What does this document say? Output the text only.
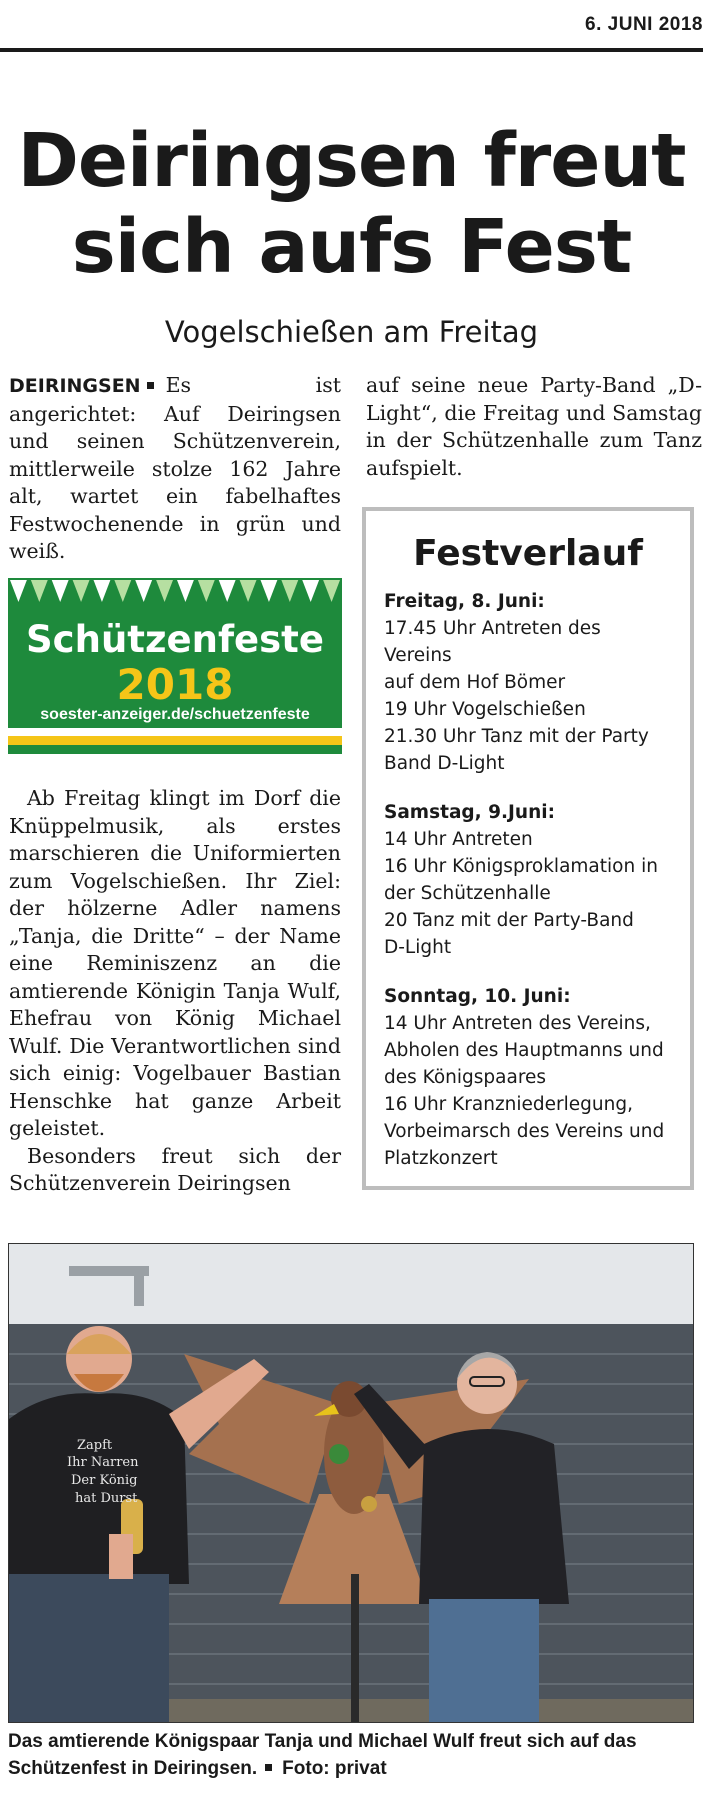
6. JUNI 2018
Deiringsen freut
sich aufs Fest
Vogelschießen am Freitag
DEIRINGSEN Es ist angerichtet: Auf Deiringsen und seinen Schützenverein, mittlerweile stolze 162 Jahre alt, wartet ein fabelhaftes Festwochenende in grün und weiß.
Schützenfeste
2018
soester-anzeiger.de/schuetzenfeste

Ab Freitag klingt im Dorf die Knüppelmusik, als erstes marschieren die Uniformierten zum Vogelschießen. Ihr Ziel: der hölzerne Adler namens „Tanja, die Dritte“ – der Name eine Reminiszenz an die amtierende Königin Tanja Wulf, Ehefrau von König Michael Wulf. Die Verantwortlichen sind sich einig: Vogelbauer Bastian Henschke hat ganze Arbeit geleistet.

Besonders freut sich der Schützenverein Deiringsen

auf seine neue Party-Band „D-Light“, die Freitag und Samstag in der Schützenhalle zum Tanz aufspielt.
Festverlauf
Freitag, 8. Juni:
17.45 Uhr Antreten des Vereins
auf dem Hof Bömer
19 Uhr Vogelschießen
21.30 Uhr Tanz mit der Party
Band D-Light
Samstag, 9.Juni:
14 Uhr Antreten
16 Uhr Königsproklamation in
der Schützenhalle
20 Tanz mit der Party-Band
D-Light
Sonntag, 10. Juni:
14 Uhr Antreten des Vereins,
Abholen des Hauptmanns und
des Königspaares
16 Uhr Kranzniederlegung,
Vorbeimarsch des Vereins und
Platzkonzert
Zapft
Ihr Narren
Der König
hat Durst
Das amtierende Königspaar Tanja und Michael Wulf freut sich auf das Schützenfest in Deiringsen. Foto: privat
